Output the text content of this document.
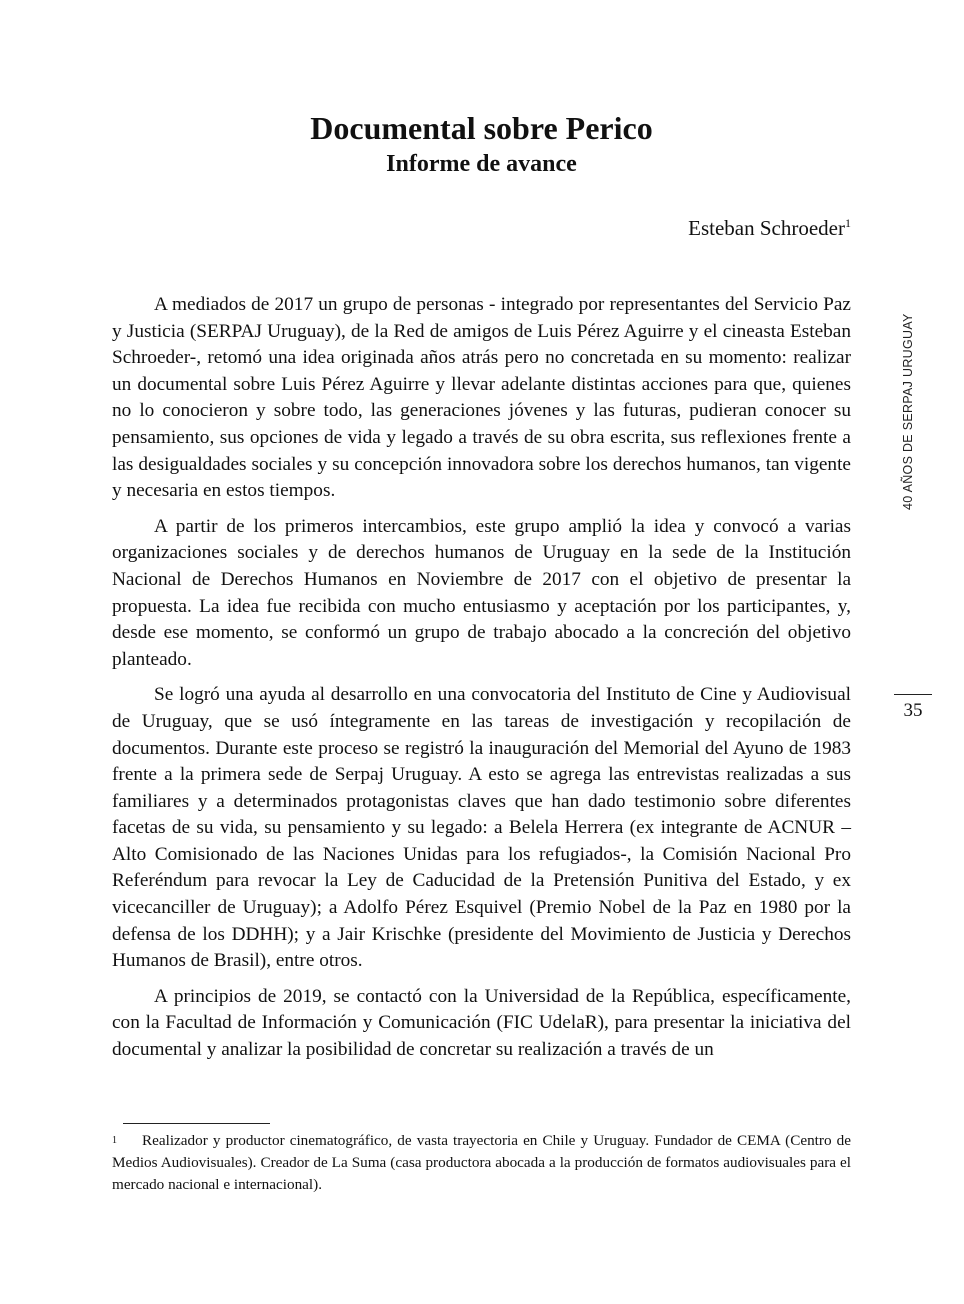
Documental sobre Perico
Informe de avance
Esteban Schroeder$^1$

A mediados de 2017 un grupo de personas - integrado por representantes del Servicio Paz y Justicia (SERPAJ Uruguay), de la Red de amigos de Luis Pérez Aguirre y el cineasta Esteban Schroeder-, retomó una idea originada años atrás pero no concretada en su momento: realizar un documental sobre Luis Pérez Aguirre y llevar adelante distintas acciones para que, quienes no lo conocieron y sobre todo, las generaciones jóvenes y las futuras, pudieran conocer su pensamiento, sus opciones de vida y legado a través de su obra escrita, sus reflexiones frente a las desigualdades sociales y su concepción innovadora sobre los derechos humanos, tan vigente y necesaria en estos tiempos.

A partir de los primeros intercambios, este grupo amplió la idea y convocó a varias organizaciones sociales y de derechos humanos de Uruguay en la sede de la Institución Nacional de Derechos Humanos en Noviembre de 2017 con el objetivo de presentar la propuesta. La idea fue recibida con mucho entusiasmo y aceptación por los participantes, y, desde ese momento, se conformó un grupo de trabajo abocado a la concreción del objetivo planteado.

Se logró una ayuda al desarrollo en una convocatoria del Instituto de Cine y Audiovisual de Uruguay, que se usó íntegramente en las tareas de investigación y recopilación de documentos. Durante este proceso se registró la inauguración del Memorial del Ayuno de 1983 frente a la primera sede de Serpaj Uruguay. A esto se agrega las entrevistas realizadas a sus familiares y a determinados protagonistas claves que han dado testimonio sobre diferentes facetas de su vida, su pensamiento y su legado: a Belela Herrera (ex integrante de ACNUR –Alto Comisionado de las Naciones Unidas para los refugiados-, la Comisión Nacional Pro Referéndum para revocar la Ley de Caducidad de la Pretensión Punitiva del Estado, y ex vicecanciller de Uruguay); a Adolfo Pérez Esquivel (Premio Nobel de la Paz en 1980 por la defensa de los DDHH); y a Jair Krischke (presidente del Movimiento de Justicia y Derechos Humanos de Brasil), entre otros.

A principios de 2019, se contactó con la Universidad de la República, específicamente, con la Facultad de Información y Comunicación (FIC UdelaR), para presentar la iniciativa del documental y analizar la posibilidad de concretar su realización a través de un

40 AÑOS DE SERPAJ URUGUAY
35

1 Realizador y productor cinematográfico, de vasta trayectoria en Chile y Uruguay. Fundador de CEMA (Centro de Medios Audiovisuales). Creador de La Suma (casa productora abocada a la producción de formatos audiovisuales para el mercado nacional e internacional).
